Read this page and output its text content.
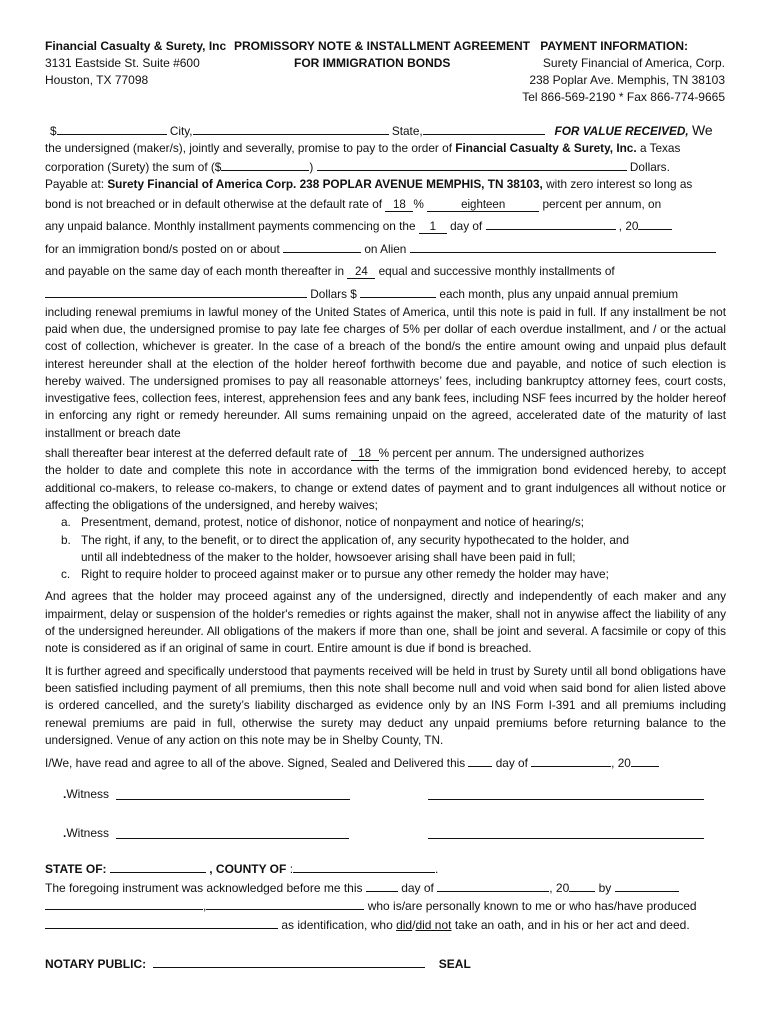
Financial Casualty & Surety, Inc
3131 Eastside St. Suite #600
Houston, TX 77098
PROMISSORY NOTE & INSTALLMENT AGREEMENT
FOR IMMIGRATION BONDS
PAYMENT INFORMATION:
Surety Financial of America, Corp.
238 Poplar Ave. Memphis, TN 38103
Tel 866-569-2190 * Fax 866-774-9665

$	City,	State,	FOR VALUE RECEIVED, We

the undersigned (maker/s), jointly and severally, promise to pay to the order of Financial Casualty & Surety, Inc. a Texas

corporation (Surety) the sum of ($	)	Dollars.

Payable at: Surety Financial of America Corp. 238 POPLAR AVENUE MEMPHIS, TN 38103, with zero interest so long as

bond is not breached or in default otherwise at the default rate of 18 %	eighteen	percent per annum, on

any unpaid balance. Monthly installment payments commencing on the 1 day of	, 20

for an immigration bond/s posted on or about	on Alien

and payable on the same day of each month thereafter in 24 equal and successive monthly installments of

Dollars $	each month, plus any unpaid annual premium

including renewal premiums in lawful money of the United States of America, until this note is paid in full. If any installment be not paid when due, the undersigned promise to pay late fee charges of 5% per dollar of each overdue installment, and / or the actual cost of collection, whichever is greater. In the case of a breach of the bond/s the entire amount owing and unpaid plus default interest hereunder shall at the election of the holder hereof forthwith become due and payable, and notice of such election is hereby waived. The undersigned promises to pay all reasonable attorneys’ fees, including bankruptcy attorney fees, court costs, investigative fees, collection fees, interest, apprehension fees and any bank fees, including NSF fees incurred by the holder hereof in enforcing any right or remedy hereunder. All sums remaining unpaid on the agreed, accelerated date of the maturity of last installment or breach date

shall thereafter bear interest at the deferred default rate of 18 % percent per annum. The undersigned authorizes

the holder to date and complete this note in accordance with the terms of the immigration bond evidenced hereby, to accept additional co-makers, to release co-makers, to change or extend dates of payment and to grant indulgences all without notice or affecting the obligations of the undersigned, and hereby waives;

a. Presentment, demand, protest, notice of dishonor, notice of nonpayment and notice of hearing/s;
b. The right, if any, to the benefit, or to direct the application of, any security hypothecated to the holder, and
until all indebtedness of the maker to the holder, howsoever arising shall have been paid in full;
c. Right to require holder to proceed against maker or to pursue any other remedy the holder may have;

And agrees that the holder may proceed against any of the undersigned, directly and independently of each maker and any impairment, delay or suspension of the holder's remedies or rights against the maker, shall not in anywise affect the liability of any of the undersigned hereunder. All obligations of the makers if more than one, shall be joint and several. A facsimile or copy of this note is considered as if an original of same in court. Entire amount is due if bond is breached.

It is further agreed and specifically understood that payments received will be held in trust by Surety until all bond obligations have been satisfied including payment of all premiums, then this note shall become null and void when said bond for alien listed above is ordered cancelled, and the surety’s liability discharged as evidence only by an INS Form I-391 and all premiums including renewal premiums are paid in full, otherwise the surety may deduct any unpaid premiums before returning balance to the undersigned. Venue of any action on this note may be in Shelby County, TN.

I/We, have read and agree to all of the above. Signed, Sealed and Delivered this	day of	, 20

.Witness
.Witness
STATE OF:	, COUNTY OF :	.
The foregoing instrument was acknowledged before me this	day of	, 20 by
,	who is/are personally known to me or who has/have produced
as identification, who did/did not take an oath, and in his or her act and deed.
NOTARY PUBLIC:	SEAL
